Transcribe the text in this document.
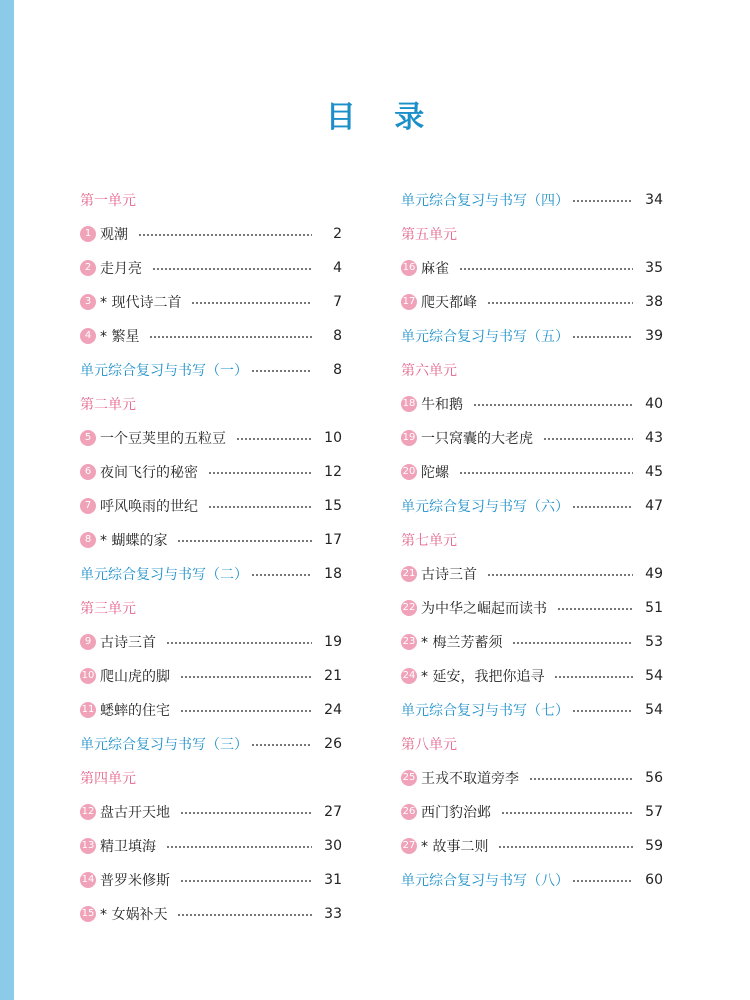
目 录
第一单元
1 观潮	2
2 走月亮	4
3 * 现代诗二首	7
4 * 繁星	8
单元综合复习与书写（一）	8
第二单元
5 一个豆荚里的五粒豆	10
6 夜间飞行的秘密	12
7 呼风唤雨的世纪	15
8 * 蝴蝶的家	17
单元综合复习与书写（二）	18
第三单元
9 古诗三首	19
10 爬山虎的脚	21
11 蟋蟀的住宅	24
单元综合复习与书写（三）	26
第四单元
12 盘古开天地	27
13 精卫填海	30
14 普罗米修斯	31
15 * 女娲补天	33
单元综合复习与书写（四）	34
第五单元
16 麻雀	35
17 爬天都峰	38
单元综合复习与书写（五）	39
第六单元
18 牛和鹅	40
19 一只窝囊的大老虎	43
20 陀螺	45
单元综合复习与书写（六）	47
第七单元
21 古诗三首	49
22 为中华之崛起而读书	51
23 * 梅兰芳蓄须	53
24 * 延安，我把你追寻	54
单元综合复习与书写（七）	54
第八单元
25 王戎不取道旁李	56
26 西门豹治邺	57
27 * 故事二则	59
单元综合复习与书写（八）	60
